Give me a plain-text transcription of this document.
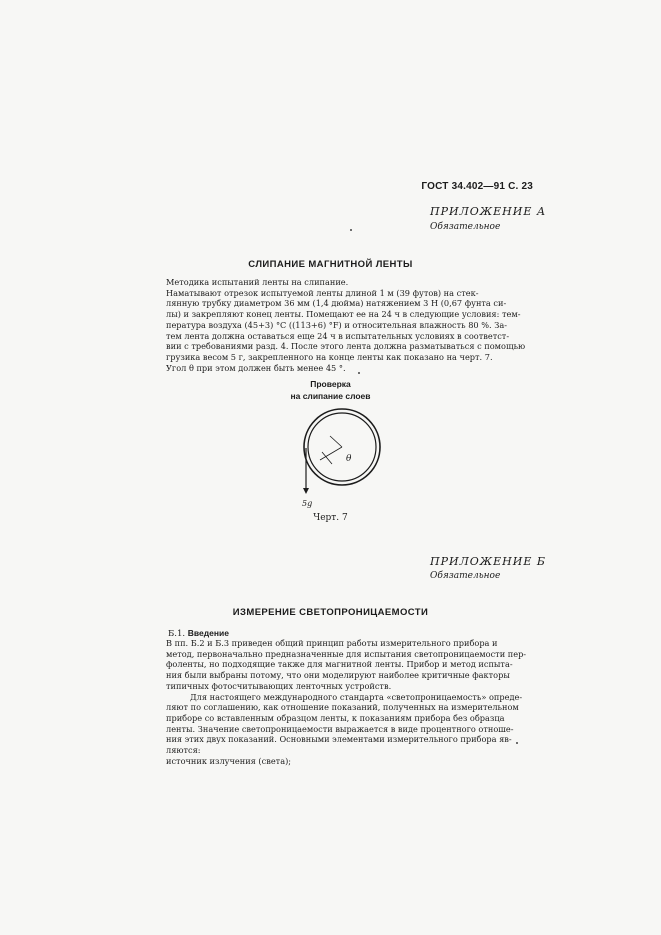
ГОСТ 34.402—91 С. 23
ПРИЛОЖЕНИЕ А
Обязательное
СЛИПАНИЕ МАГНИТНОЙ ЛЕНТЫ
Методика испытаний ленты на слипание.
Наматывают отрезок испытуемой ленты длиной 1 м (39 футов) на стек-
лянную трубку диаметром 36 мм (1,4 дюйма) натяжением 3 Н (0,67 фунта си-
лы) и закрепляют конец ленты. Помещают ее на 24 ч в следующие условия: тем-
пература воздуха (45+3) °С ((113+6) °F) и относительная влажность 80 %. За-
тем лента должна оставаться еще 24 ч в испытательных условиях в соответст-
вии с требованиями разд. 4. После этого лента должна разматываться с помощью
грузика весом 5 г, закрепленного на конце ленты как показано на черт. 7.
Угол θ при этом должен быть менее 45 °.
Проверка
на слипание слоев
θ
5g
Черт. 7
ПРИЛОЖЕНИЕ Б
Обязательное
ИЗМЕРЕНИЕ СВЕТОПРОНИЦАЕМОСТИ
Б.1. Введение
В пп. Б.2 и Б.3 приведен общий принцип работы измерительного прибора и
метод, первоначально предназначенные для испытания светопроницаемости пер-
фоленты, но подходящие также для магнитной ленты. Прибор и метод испыта-
ния были выбраны потому, что они моделируют наиболее критичные факторы
типичных фотосчитывающих ленточных устройств.
Для настоящего международного стандарта «светопроницаемость» опреде-
ляют по соглашению, как отношение показаний, полученных на измерительном
приборе со вставленным образцом ленты, к показаниям прибора без образца
ленты. Значение светопроницаемости выражается в виде процентного отноше-
ния этих двух показаний. Основными элементами измерительного прибора яв-
ляются:
источник излучения (света);
